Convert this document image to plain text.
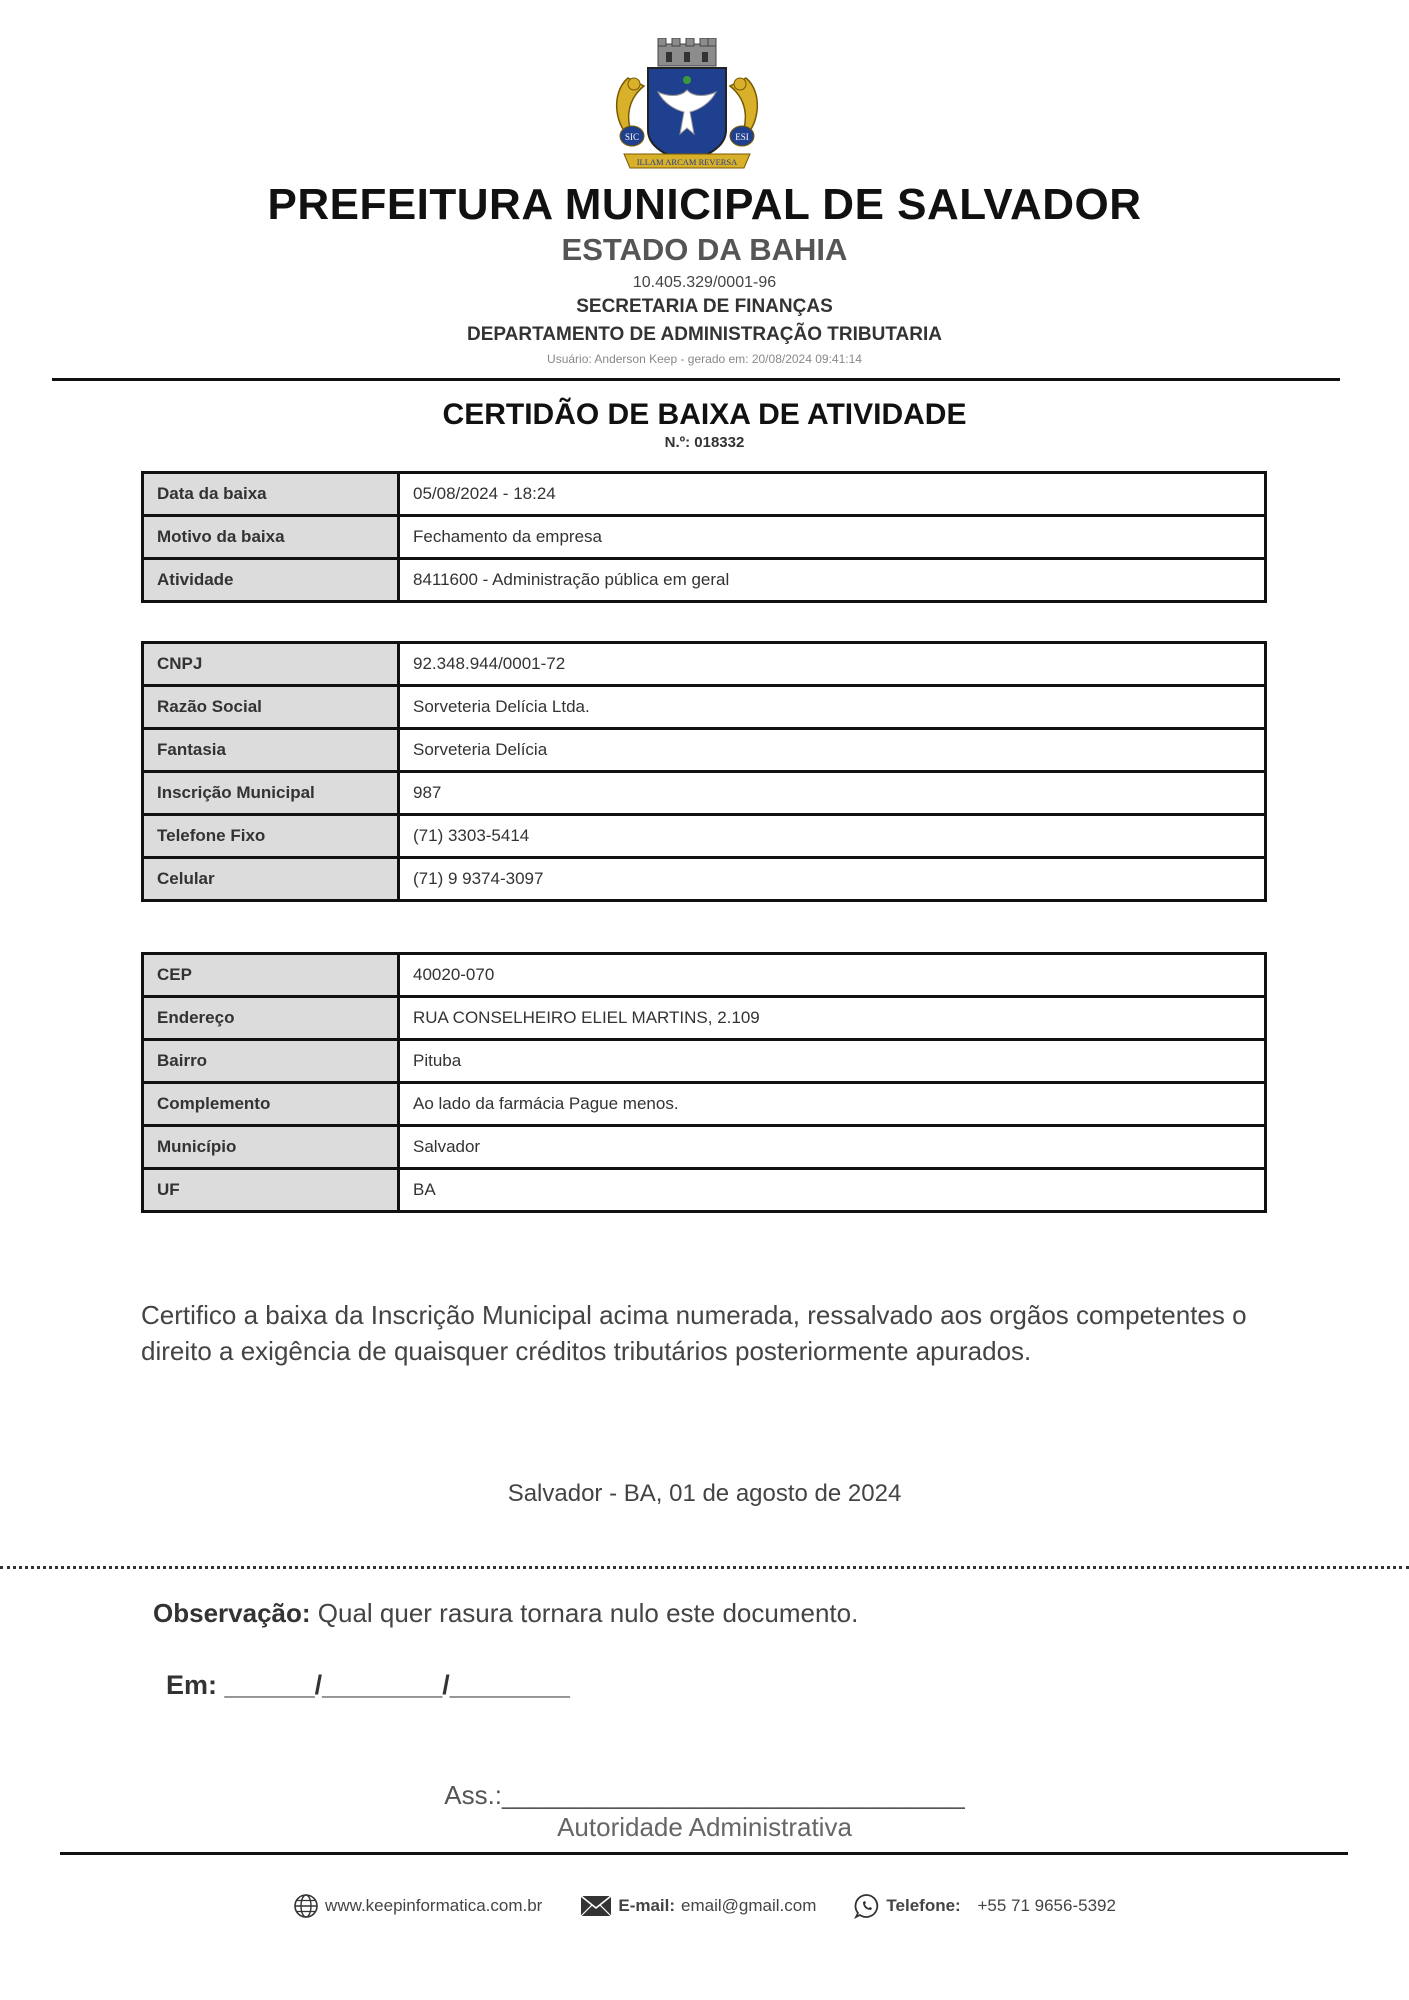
SIC	ESI
ILLAM ARCAM REVERSA
PREFEITURA MUNICIPAL DE SALVADOR
ESTADO DA BAHIA
10.405.329/0001-96
SECRETARIA DE FINANÇAS
DEPARTAMENTO DE ADMINISTRAÇÃO TRIBUTARIA
Usuário: Anderson Keep - gerado em: 20/08/2024 09:41:14
CERTIDÃO DE BAIXA DE ATIVIDADE
N.º: 018332
Data da baixa	05/08/2024 - 18:24
Motivo da baixa	Fechamento da empresa
Atividade	8411600 - Administração pública em geral
CNPJ	92.348.944/0001-72
Razão Social	Sorveteria Delícia Ltda.
Fantasia	Sorveteria Delícia
Inscrição Municipal	987
Telefone Fixo	(71) 3303-5414
Celular	(71) 9 9374-3097
CEP	40020-070
Endereço	RUA CONSELHEIRO ELIEL MARTINS, 2.109
Bairro	Pituba
Complemento	Ao lado da farmácia Pague menos.
Município	Salvador
UF	BA
Certifico a baixa da Inscrição Municipal acima numerada, ressalvado aos orgãos competentes o direito a exigência de quaisquer créditos tributários posteriormente apurados.
Salvador - BA, 01 de agosto de 2024
Observação: Qual quer rasura tornara nulo este documento.
Em: ______/________/________
Ass.:________________________________
Autoridade Administrativa
www.keepinformatica.com.br	E-mail: email@gmail.com	Telefone:
+55 71 9656-5392
